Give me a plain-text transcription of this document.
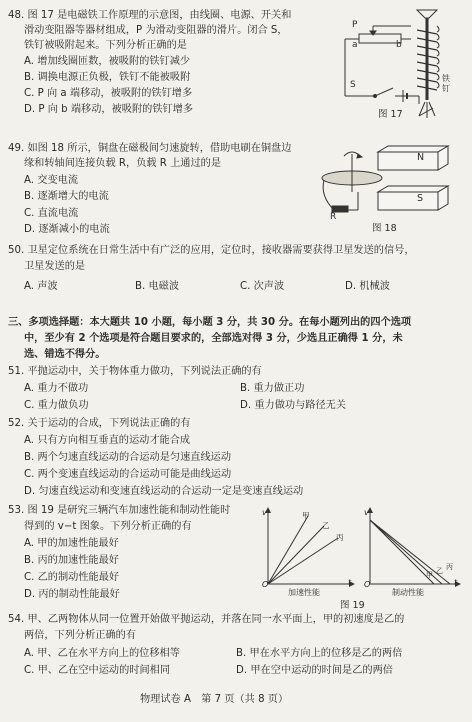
48. 图 17 是电磁铁工作原理的示意图，由线圈、电源、开关和
滑动变阻器等器材组成，P 为滑动变阻器的滑片。闭合 S，
铁钉被吸附起来。下列分析正确的是
A. 增加线圈匝数，被吸附的铁钉减少
B. 调换电源正负极，铁钉不能被吸附
C. P 向 a 端移动，被吸附的铁钉增多
D. P 向 b 端移动，被吸附的铁钉增多
P
a	b
S
铁钉
图 17
49. 如图 18 所示，铜盘在磁极间匀速旋转，借助电刷在铜盘边
缘和转轴间连接负载 R，负载 R 上通过的是
A. 交变电流
B. 逐渐增大的电流
C. 直流电流
D. 逐渐减小的电流
N
S
R
图 18
50. 卫星定位系统在日常生活中有广泛的应用，定位时，接收器需要获得卫星发送的信号，
卫星发送的是
A. 声波	B. 电磁波	C. 次声波	D. 机械波
三、多项选择题：本大题共 10 小题，每小题 3 分，共 30 分。在每小题列出的四个选项
中，至少有 2 个选项是符合题目要求的，全部选对得 3 分，少选且正确得 1 分，未
选、错选不得分。
51. 平抛运动中，关于物体重力做功，下列说法正确的有
A. 重力不做功	B. 重力做正功
C. 重力做负功	D. 重力做功与路径无关
52. 关于运动的合成，下列说法正确的有
A. 只有方向相互垂直的运动才能合成
B. 两个匀速直线运动的合运动是匀速直线运动
C. 两个变速直线运动的合运动可能是曲线运动
D. 匀速直线运动和变速直线运动的合运动一定是变速直线运动
53. 图 19 是研究三辆汽车加速性能和制动性能时
得到的 v−t 图象。下列分析正确的有
A. 甲的加速性能最好
B. 丙的加速性能最好
C. 乙的制动性能最好
D. 丙的制动性能最好
v
t
O
甲
乙
丙
v
t
O
甲 乙 丙
加速性能	制动性能
图 19
54. 甲、乙两物体从同一位置开始做平抛运动，并落在同一水平面上，甲的初速度是乙的
两倍，下列分析正确的有
A. 甲、乙在水平方向上的位移相等	B. 甲在水平方向上的位移是乙的两倍
C. 甲、乙在空中运动的时间相同	D. 甲在空中运动的时间是乙的两倍
物理试卷 A　第 7 页（共 8 页）
